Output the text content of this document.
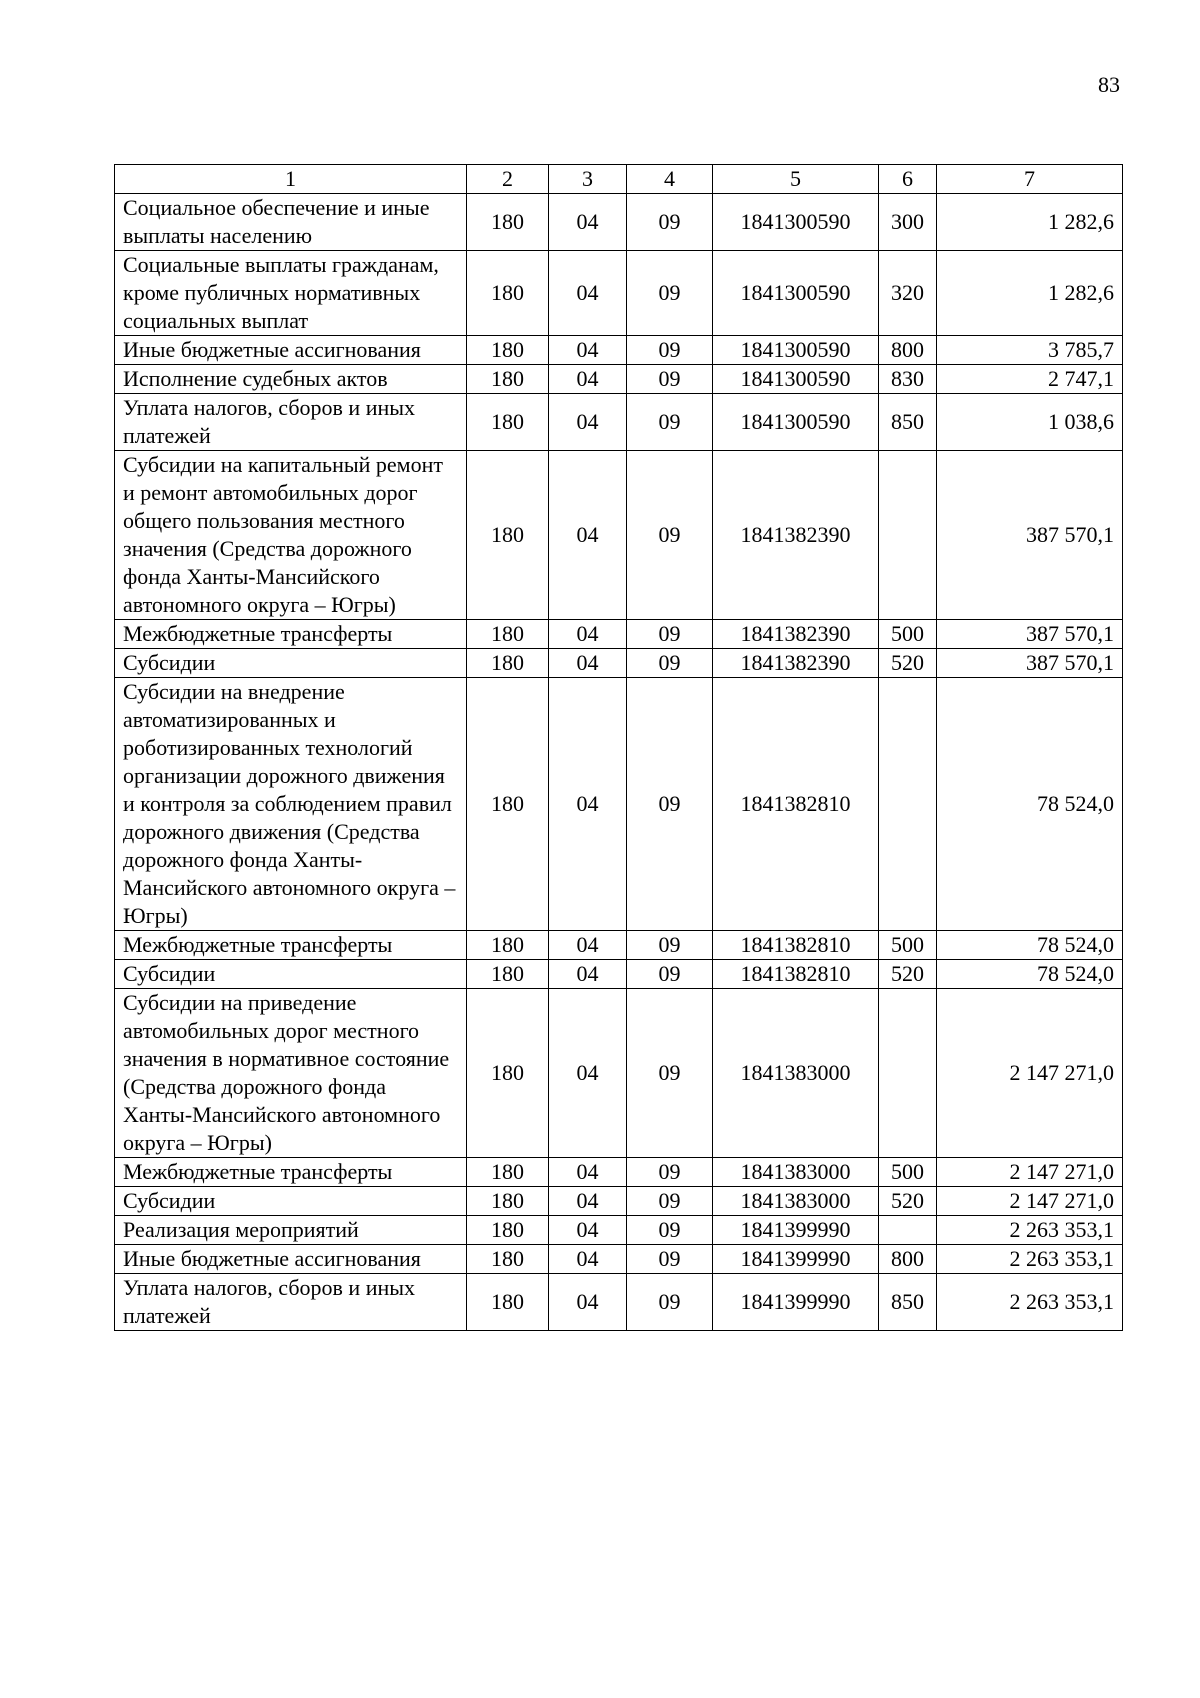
83
1	2	3	4	5	6	7
Социальное обеспечение и иные выплаты населению	180	04	09	1841300590	300	1 282,6
Социальные выплаты гражданам, кроме публичных нормативных социальных выплат	180	04	09	1841300590	320	1 282,6
Иные бюджетные ассигнования	180	04	09	1841300590	800	3 785,7
Исполнение судебных актов	180	04	09	1841300590	830	2 747,1
Уплата налогов, сборов и иных платежей	180	04	09	1841300590	850	1 038,6
Субсидии на капитальный ремонт и ремонт автомобильных дорог общего пользования местного значения (Средства дорожного фонда Ханты-Мансийского автономного округа – Югры)	180	04	09	1841382390		387 570,1
Межбюджетные трансферты	180	04	09	1841382390	500	387 570,1
Субсидии	180	04	09	1841382390	520	387 570,1
Субсидии на внедрение автоматизированных и роботизированных технологий организации дорожного движения и контроля за соблюдением правил дорожного движения (Средства дорожного фонда Ханты-Мансийского автономного округа – Югры)	180	04	09	1841382810		78 524,0
Межбюджетные трансферты	180	04	09	1841382810	500	78 524,0
Субсидии	180	04	09	1841382810	520	78 524,0
Субсидии на приведение автомобильных дорог местного значения в нормативное состояние (Средства дорожного фонда Ханты-Мансийского автономного округа – Югры)	180	04	09	1841383000		2 147 271,0
Межбюджетные трансферты	180	04	09	1841383000	500	2 147 271,0
Субсидии	180	04	09	1841383000	520	2 147 271,0
Реализация мероприятий	180	04	09	1841399990		2 263 353,1
Иные бюджетные ассигнования	180	04	09	1841399990	800	2 263 353,1
Уплата налогов, сборов и иных платежей	180	04	09	1841399990	850	2 263 353,1
